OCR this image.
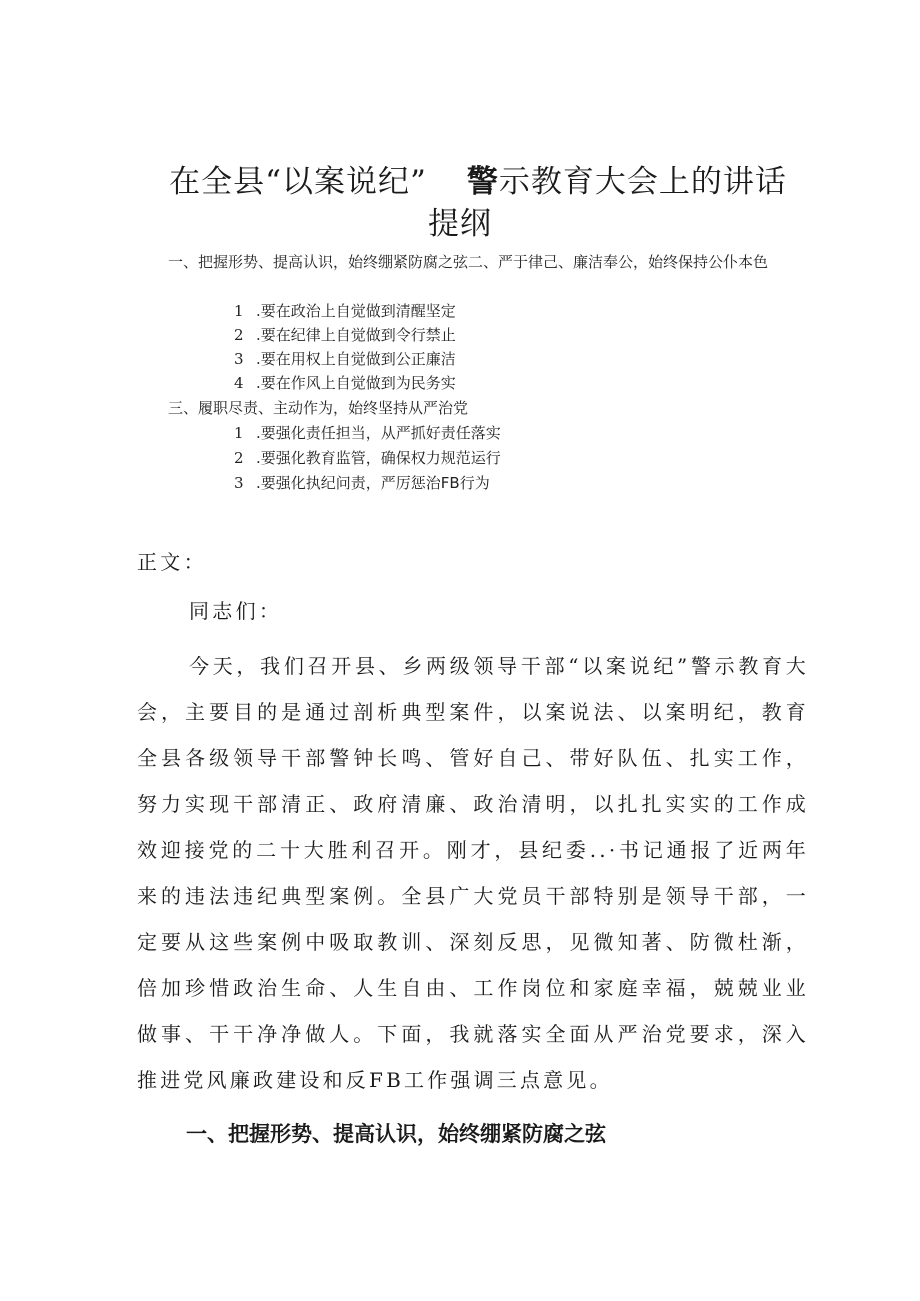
在全县“以案说纪” 警示教育大会上的讲话
提纲
一、把握形势、提高认识，始终绷紧防腐之弦二、严于律己、廉洁奉公，始终保持公仆本色
1 .要在政治上自觉做到清醒坚定
2 .要在纪律上自觉做到令行禁止
3 .要在用权上自觉做到公正廉洁
4 .要在作风上自觉做到为民务实
三、履职尽责、主动作为，始终坚持从严治党
1 .要强化责任担当，从严抓好责任落实
2 .要强化教育监管，确保权力规范运行
3 .要强化执纪问责，严厉惩治FB行为
正文：
同志们：

今天，我们召开县、乡两级领导干部“以案说纪”警示教育大会，主要目的是通过剖析典型案件，以案说法、以案明纪，教育全县各级领导干部警钟长鸣、管好自己、带好队伍、扎实工作，努力实现干部清正、政府清廉、政治清明，以扎扎实实的工作成效迎接党的二十大胜利召开。刚才，县纪委..·书记通报了近两年来的违法违纪典型案例。全县广大党员干部特别是领导干部，一定要从这些案例中吸取教训、深刻反思，见微知著、防微杜渐，倍加珍惜政治生命、人生自由、工作岗位和家庭幸福，兢兢业业做事、干干净净做人。下面，我就落实全面从严治党要求，深入推进党风廉政建设和反FB工作强调三点意见。

一、把握形势、提高认识，始终绷紧防腐之弦
